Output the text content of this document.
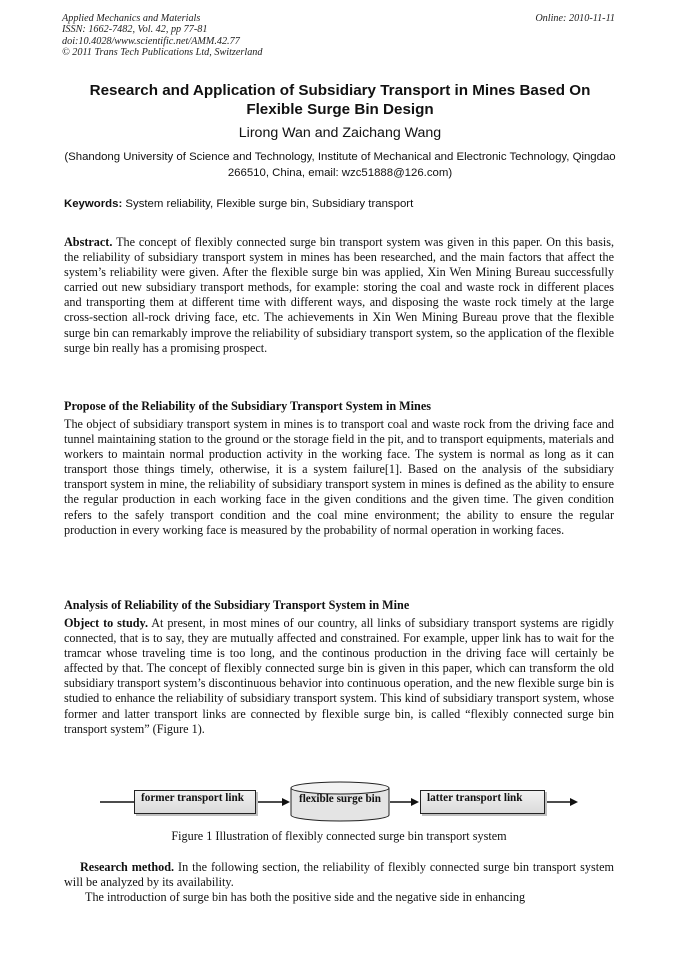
Applied Mechanics and Materials
ISSN: 1662-7482, Vol. 42, pp 77-81
doi:10.4028/www.scientific.net/AMM.42.77
© 2011 Trans Tech Publications Ltd, Switzerland
Online: 2010-11-11
Research and Application of Subsidiary Transport in Mines Based On Flexible Surge Bin Design
Lirong Wan and Zaichang Wang
(Shandong University of Science and Technology, Institute of Mechanical and Electronic Technology, Qingdao 266510, China, email: wzc51888@126.com)
Keywords: System reliability, Flexible surge bin, Subsidiary transport
Abstract. The concept of flexibly connected surge bin transport system was given in this paper. On this basis, the reliability of subsidiary transport system in mines has been researched, and the main factors that affect the system’s reliability were given. After the flexible surge bin was applied, Xin Wen Mining Bureau successfully carried out new subsidiary transport methods, for example: storing the coal and waste rock in different places and transporting them at different time with different ways, and disposing the waste rock timely at the large cross-section all-rock driving face, etc. The achievements in Xin Wen Mining Bureau prove that the flexible surge bin can remarkably improve the reliability of subsidiary transport system, so the application of the flexible surge bin really has a promising prospect.
Propose of the Reliability of the Subsidiary Transport System in Mines
The object of subsidiary transport system in mines is to transport coal and waste rock from the driving face and tunnel maintaining station to the ground or the storage field in the pit, and to transport equipments, materials and workers to maintain normal production activity in the working face. The system is normal as long as it can transport those things timely, otherwise, it is a system failure[1]. Based on the analysis of the subsidiary transport system in mine, the reliability of subsidiary transport system in mines is defined as the ability to ensure the regular production in each working face in the given conditions and the given time. The given condition refers to the safely transport condition and the coal mine environment; the ability to ensure the regular production in every working face is measured by the probability of normal operation in working faces.
Analysis of Reliability of the Subsidiary Transport System in Mine
Object to study. At present, in most mines of our country, all links of subsidiary transport systems are rigidly connected, that is to say, they are mutually affected and constrained. For example, upper link has to wait for the tramcar whose traveling time is too long, and the continous production in the driving face will certainly be affected by that. The concept of flexibly connected surge bin is given in this paper, which can transform the old subsidiary transport system’s discontinuous behavior into continuous operation, and the new flexible surge bin is studied to enhance the reliability of subsidiary transport system. This kind of subsidiary transport system, whose former and latter transport links are connected by flexible surge bin, is called “flexibly connected surge bin transport system” (Figure 1).
former transport link	flexible surge bin	latter transport link
Figure 1 Illustration of flexibly connected surge bin transport system
Research method. In the following section, the reliability of flexibly connected surge bin transport system will be analyzed by its availability.
The introduction of surge bin has both the positive side and the negative side in enhancing
